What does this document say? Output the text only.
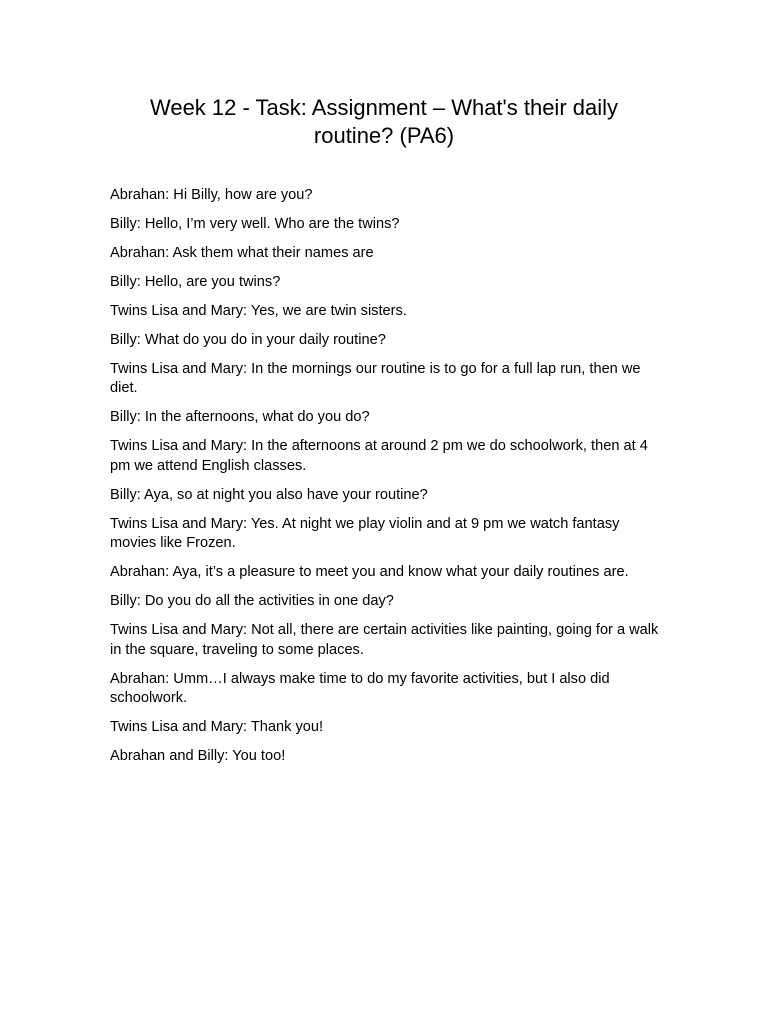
Week 12 - Task: Assignment – What's their daily
routine? (PA6)
Abrahan: Hi Billy, how are you?
Billy: Hello, I’m very well. Who are the twins?
Abrahan: Ask them what their names are
Billy: Hello, are you twins?
Twins Lisa and Mary: Yes, we are twin sisters.
Billy: What do you do in your daily routine?
Twins Lisa and Mary: In the mornings our routine is to go for a full lap run, then we diet.
Billy: In the afternoons, what do you do?
Twins Lisa and Mary: In the afternoons at around 2 pm we do schoolwork, then at 4 pm we attend English classes.
Billy: Aya, so at night you also have your routine?
Twins Lisa and Mary: Yes. At night we play violin and at 9 pm we watch fantasy movies like Frozen.
Abrahan: Aya, it’s a pleasure to meet you and know what your daily routines are.
Billy: Do you do all the activities in one day?
Twins Lisa and Mary: Not all, there are certain activities like painting, going for a walk in the square, traveling to some places.
Abrahan: Umm…I always make time to do my favorite activities, but I also did schoolwork.
Twins Lisa and Mary: Thank you!
Abrahan and Billy: You too!
